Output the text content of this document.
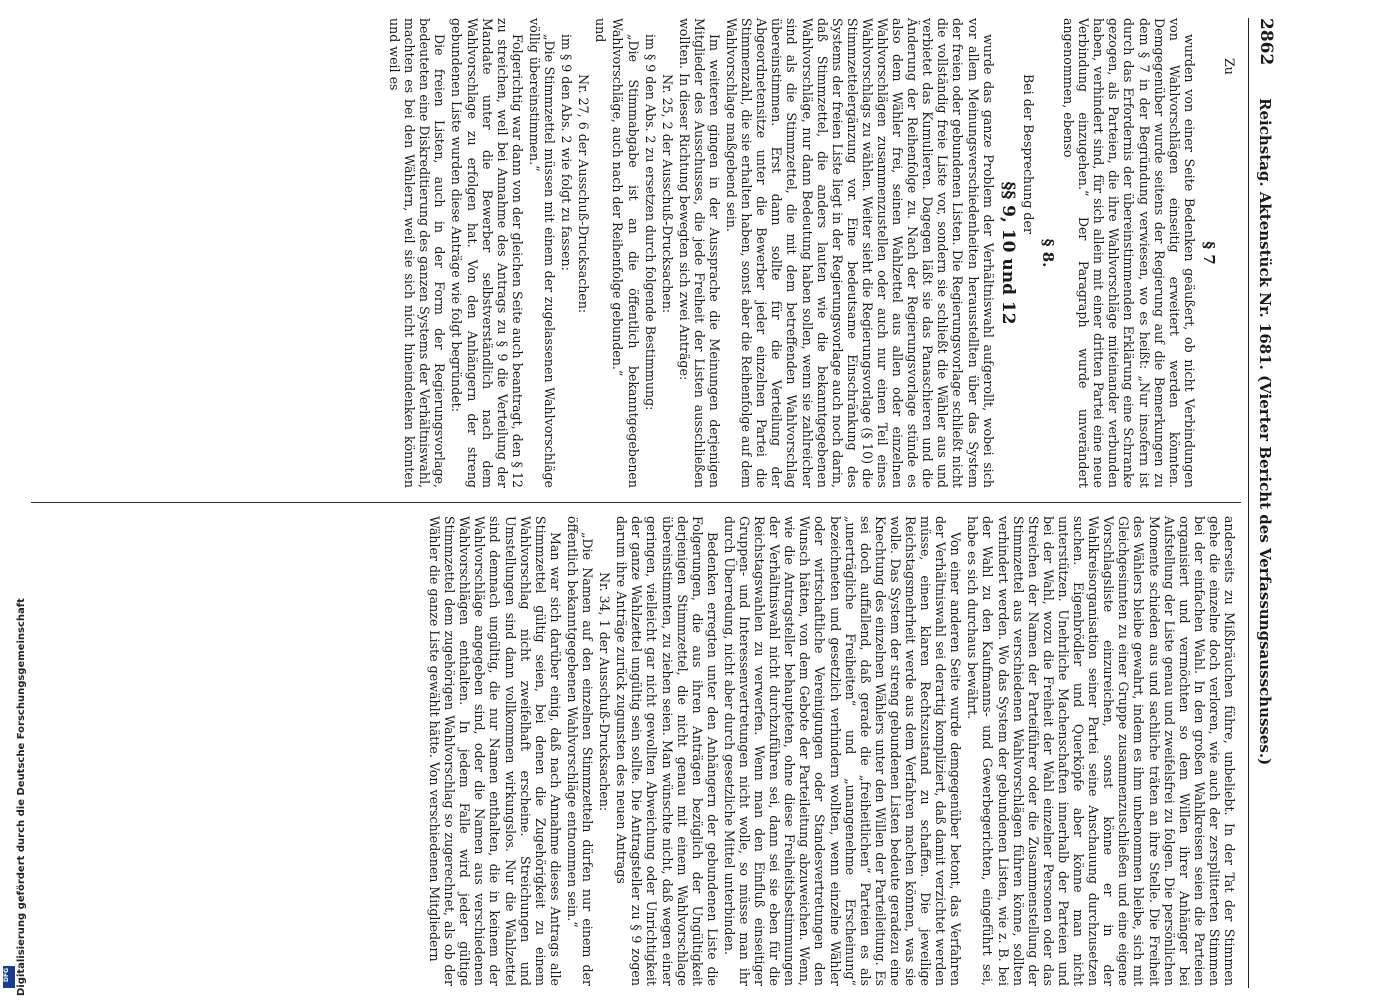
2862
Reichstag. Aktenstück Nr. 1681. (Vierter Bericht des Verfassungsausschusses.)

Zu

§ 7

wurden von einer Seite Bedenken geäußert, ob nicht Verbindungen von Wahlvorschlägen einseitig erweitert werden könnten. Demgegenüber wurde seitens der Regierung auf die Bemerkungen zu dem § 7 in der Begründung verwiesen, wo es heißt: „Nur insofern ist durch das Erfordernis der übereinstimmenden Erklärung eine Schranke gezogen, als Parteien, die ihre Wahlvorschläge miteinander verbunden haben, verhindert sind, für sich allein mit einer dritten Partei eine neue Verbindung einzugehen.“ Der Paragraph wurde unverändert angenommen, ebenso

§ 8.

Bei der Besprechung der

§§ 9, 10 und 12

wurde das ganze Problem der Verhältniswahl aufgerollt, wobei sich vor allem Meinungsverschiedenheiten herausstellten über das System der freien oder gebundenen Listen. Die Regierungsvorlage schließt nicht die vollständig freie Liste vor, sondern sie schließt die Wähler aus und verbietet das Kumulieren. Dagegen läßt sie das Panaschieren und die Änderung der Reihenfolge zu. Nach der Regierungsvorlage stünde es also dem Wähler frei, seinen Wahlzettel aus allen oder einzelnen Wahlvorschlägen zusammenzustellen oder auch nur einen Teil eines Wahlvorschlags zu wählen. Weiter sieht die Regierungsvorlage (§ 10) die Stimmzettelergänzung vor. Eine bedeutsame Einschränkung des Systems der freien Liste liegt in der Regierungsvorlage auch noch darin, daß Stimmzettel, die anders lauten wie die bekanntgegebenen Wahlvorschläge, nur dann Bedeutung haben sollen, wenn sie zahlreicher sind als die Stimmzettel, die mit dem betreffenden Wahlvorschlag übereinstimmen. Erst dann sollte für die Verteilung der Abgeordnetensitze unter die Bewerber jeder einzelnen Partei die Stimmenzahl, die sie erhalten haben, sonst aber die Reihenfolge auf dem Wahlvorschlage maßgebend sein.

Im weiteren gingen in der Aussprache die Meinungen derjenigen Mitglieder des Ausschusses, die jede Freiheit der Listen ausschließen wollten. In dieser Richtung bewegten sich zwei Anträge:

Nr. 25, 2 der Ausschuß-Drucksachen:

im § 9 den Abs. 2 zu ersetzen durch folgende Bestimmung:

„Die Stimmabgabe ist an die öffentlich bekanntgegebenen Wahlvorschläge, auch nach der Reihenfolge gebunden.“

und

Nr. 27, 6 der Ausschuß-Drucksachen:

im § 9 den Abs. 2 wie folgt zu fassen:

„Die Stimmzettel müssen mit einem der zugelassenen Wahlvorschläge völlig übereinstimmen.“

Folgerichtig war dann von der gleichen Seite auch beantragt, den § 12 zu streichen, weil bei Annahme des Antrags zu § 9 die Verteilung der Mandate unter die Bewerber selbstverständlich nach dem Wahlvorschlage zu erfolgen hat. Von den Anhängern der streng gebundenen Liste wurden diese Anträge wie folgt begründet:

Die freien Listen, auch in der Form der Regierungsvorlage, bedeuteten eine Diskreditierung des ganzen Systems der Verhältniswahl, machten es bei den Wählern, weil sie sich nicht hineindenken könnten und weil es

anderseits zu Mißbräuchen führe, unbeliebt. In der Tat der Stimmen gehe die einzelne doch verloren, wie auch der zersplitterten Stimmen bei der einfachen Wahl. In den großen Wahlkreisen seien die Parteien organisiert und vermöchten so dem Willen ihrer Anhänger bei Aufstellung der Liste genau und zweifelsfrei zu folgen. Die persönlichen Momente schieden aus und sachliche träten an ihre Stelle. Die Freiheit des Wählers bleibe gewahrt, indem es ihm unbenommen bleibe, sich mit Gleichgesinnten zu einer Gruppe zusammenzuschließen und eine eigene Vorschlagsliste einzureichen, sonst könne er in der Wahlkreisorganisation seiner Partei seine Anschauung durchzusetzen suchen. Eigenbrödler und Querköpfe aber könne man nicht unterstützen. Unehrliche Machenschaften innerhalb der Parteien und bei der Wahl, wozu die Freiheit der Wahl einzelner Personen oder das Streichen der Namen der Parteiführer oder die Zusammenstellung der Stimmzettel aus verschiedenen Wahlvorschlägen führen könne, sollten verhindert werden. Wo das System der gebundenen Listen, wie z. B. bei der Wahl zu den Kaufmanns- und Gewerbegerichten, eingeführt sei, habe es sich durchaus bewährt.

Von einer anderen Seite wurde demgegenüber betont, das Verfahren der Verhältniswahl sei derartig kompliziert, daß damit verzichtet werden müsse, einen klaren Rechtszustand zu schaffen. Die jeweilige Reichstagsmehrheit werde aus dem Verfahren machen können, was sie wolle. Das System der streng gebundenen Listen bedeute geradezu eine Knechtung des einzelnen Wählers unter den Willen der Parteileitung. Es sei doch auffallend, daß gerade die „freiheitlichen“ Parteien es als „unerträgliche Freiheiten“ und „unangenehme Erscheinung“ bezeichneten und gesetzlich verhindern wollten, wenn einzelne Wähler oder wirtschaftliche Vereinigungen oder Standesvertretungen den Wunsch hätten, von dem Gebote der Parteileitung abzuweichen. Wenn, wie die Antragsteller behaupteten, ohne diese Freiheitsbestimmungen der Verhältniswahl nicht durchzuführen sei, dann sei sie eben für die Reichstagswahlen zu verwerfen. Wenn man den Einfluß einseitiger Gruppen- und Interessenvertretungen nicht wolle, so müsse man ihr durch Überredung, nicht aber durch gesetzliche Mittel unterbinden.

Bedenken erregten unter den Anhängern der gebundenen Liste die Folgerungen, die aus ihren Anträgen bezüglich der Ungültigkeit derjenigen Stimmzettel, die nicht genau mit einem Wahlvorschlage übereinstimmten, zu ziehen seien. Man wünschte nicht, daß wegen einer geringen, vielleicht gar nicht gewollten Abweichung oder Unrichtigkeit der ganze Wahlzettel ungültig sein sollte. Die Antragsteller zu § 9 zogen darum ihre Anträge zurück zugunsten des neuen Antrags

Nr. 34, 1 der Ausschuß-Drucksachen:

„Die Namen auf den einzelnen Stimmzetteln dürfen nur einem der öffentlich bekanntgegebenen Wahlvorschläge entnommen sein.“

Man war sich darüber einig, daß nach Annahme dieses Antrags alle Stimmzettel gültig seien, bei denen die Zugehörigkeit zu einem Wahlvorschlag nicht zweifelhaft erscheine. Streichungen und Umstellungen sind dann vollkommen wirkungslos. Nur die Wahlzettel sind demnach ungültig, die nur Namen enthalten, die in keinem der Wahlvorschläge angegeben sind, oder die Namen aus verschiedenen Wahlvorschlägen enthalten. In jedem Falle wird jeder gültige Stimmzettel dem zugehörigen Wahlvorschlag so zugerechnet, als ob der Wähler die ganze Liste gewählt hätte. Von verschiedenen Mitgliedern

Digitalisierung gefördert durch die Deutsche Forschungsgemeinschaft
DFG
